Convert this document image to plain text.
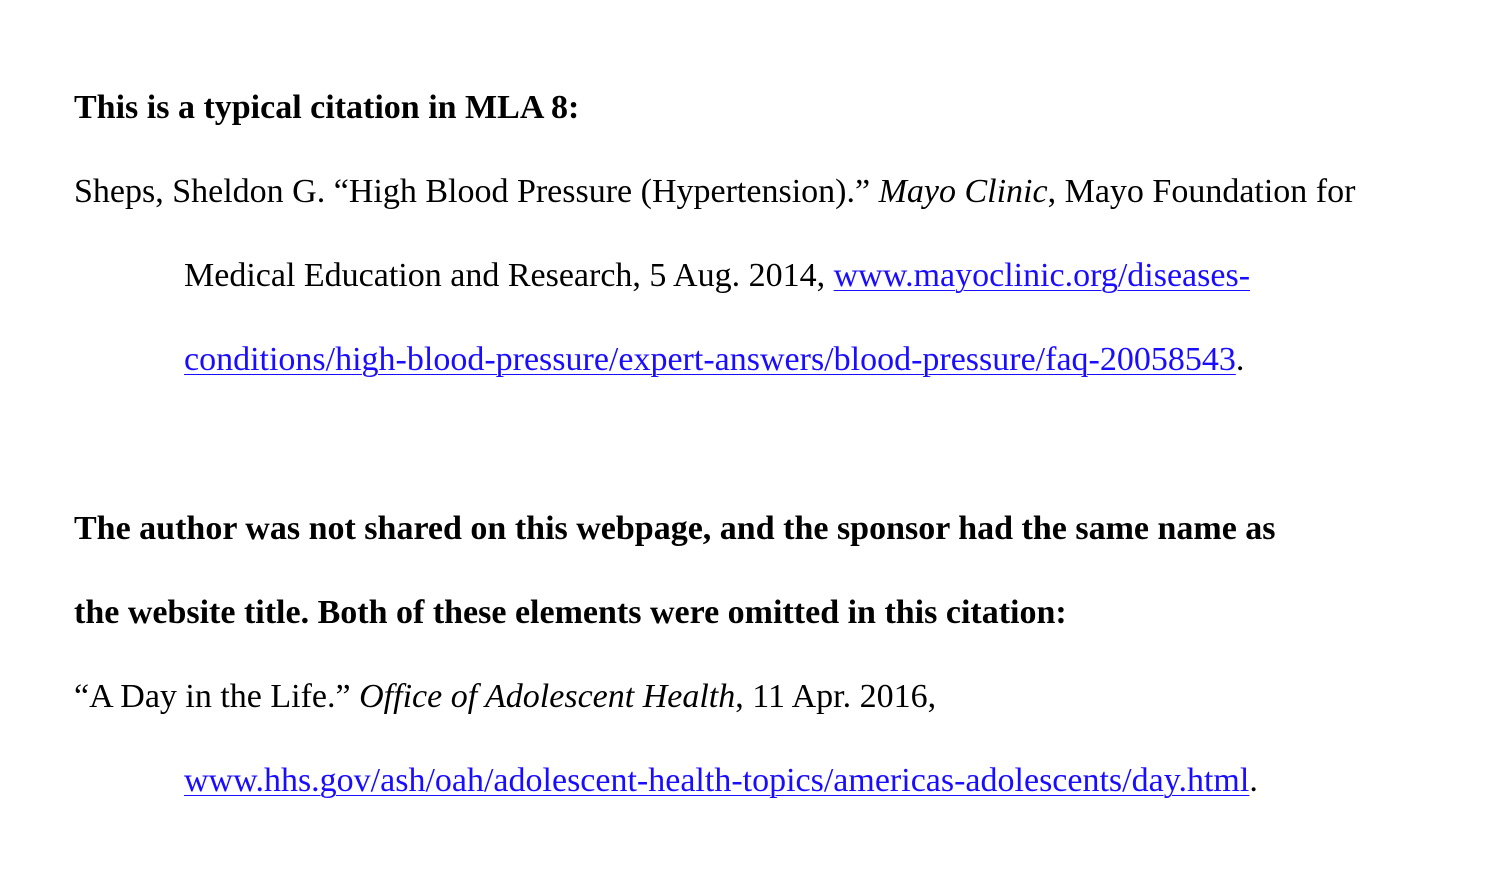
This is a typical citation in MLA 8:
Sheps, Sheldon G. “High Blood Pressure (Hypertension).” Mayo Clinic, Mayo Foundation for
Medical Education and Research, 5 Aug. 2014, www.mayoclinic.org/diseases-
conditions/high-blood-pressure/expert-answers/blood-pressure/faq-20058543.
The author was not shared on this webpage, and the sponsor had the same name as
the website title. Both of these elements were omitted in this citation:
“A Day in the Life.” Office of Adolescent Health, 11 Apr. 2016,
www.hhs.gov/ash/oah/adolescent-health-topics/americas-adolescents/day.html.
